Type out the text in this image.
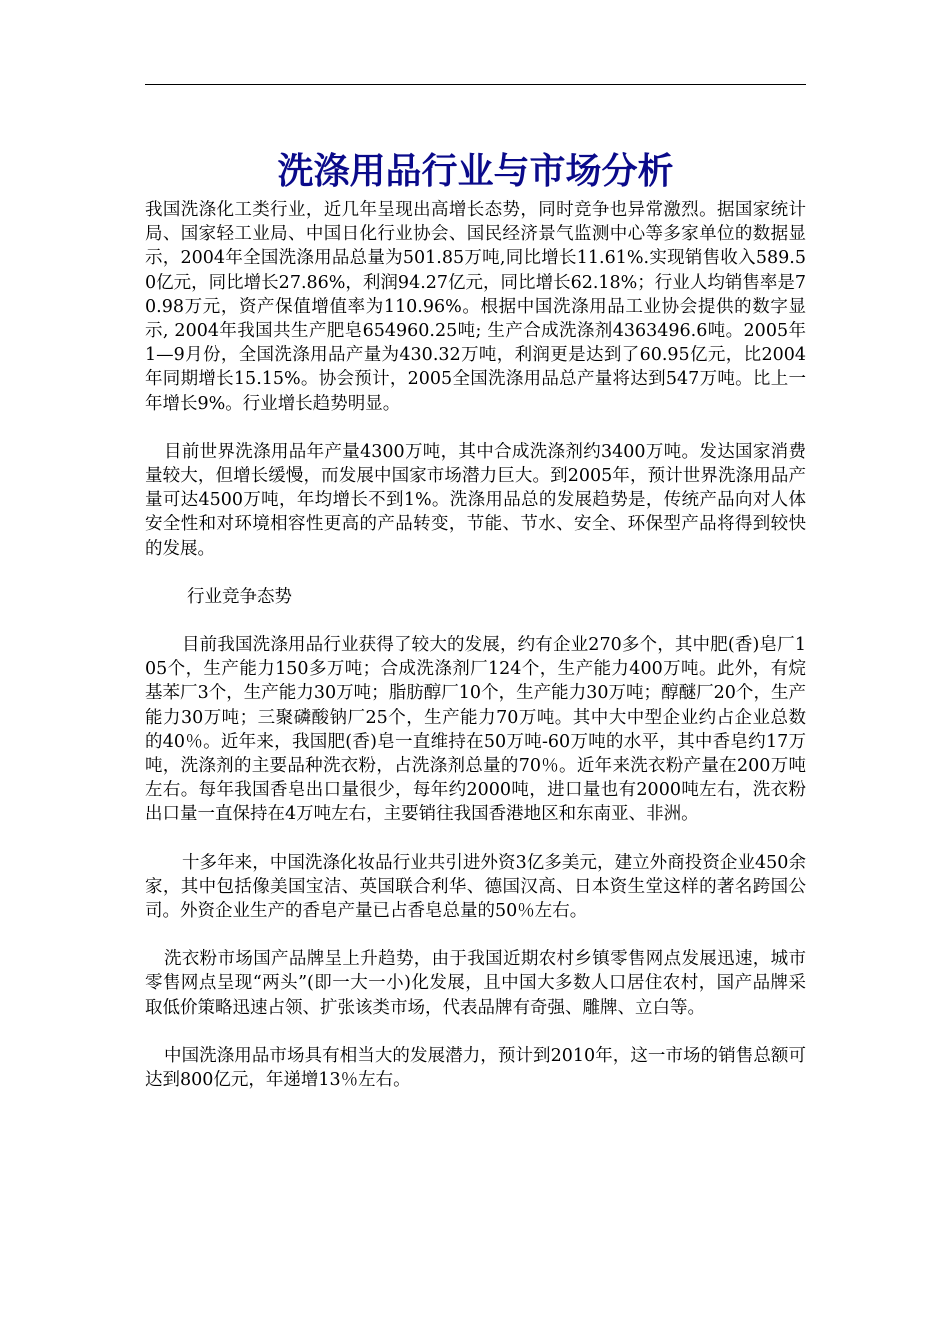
洗涤用品行业与市场分析

我国洗涤化工类行业，近几年呈现出高增长态势，同时竞争也异常激烈。据国家统计局、国家轻工业局、中国日化行业协会、国民经济景气监测中心等多家单位的数据显示，2004年全国洗涤用品总量为501.85万吨,同比增长11.61%.实现销售收入589.50亿元，同比增长27.86%，利润94.27亿元，同比增长62.18%；行业人均销售率是70.98万元，资产保值增值率为110.96%。根据中国洗涤用品工业协会提供的数字显示, 2004年我国共生产肥皂654960.25吨; 生产合成洗涤剂4363496.6吨。2005年1—9月份，全国洗涤用品产量为430.32万吨，利润更是达到了60.95亿元，比2004年同期增长15.15%。协会预计，2005全国洗涤用品总产量将达到547万吨。比上一年增长9%。行业增长趋势明显。

目前世界洗涤用品年产量4300万吨，其中合成洗涤剂约3400万吨。发达国家消费量较大，但增长缓慢，而发展中国家市场潜力巨大。到2005年，预计世界洗涤用品产量可达4500万吨，年均增长不到1%。洗涤用品总的发展趋势是，传统产品向对人体安全性和对环境相容性更高的产品转变，节能、节水、安全、环保型产品将得到较快的发展。

行业竞争态势

目前我国洗涤用品行业获得了较大的发展，约有企业270多个，其中肥(香)皂厂105个，生产能力150多万吨；合成洗涤剂厂124个，生产能力400万吨。此外，有烷基苯厂3个，生产能力30万吨；脂肪醇厂10个，生产能力30万吨；醇醚厂20个，生产能力30万吨；三聚磷酸钠厂25个，生产能力70万吨。其中大中型企业约占企业总数的40％。近年来，我国肥(香)皂一直维持在50万吨-60万吨的水平，其中香皂约17万吨，洗涤剂的主要品种洗衣粉，占洗涤剂总量的70％。近年来洗衣粉产量在200万吨左右。每年我国香皂出口量很少，每年约2000吨，进口量也有2000吨左右，洗衣粉出口量一直保持在4万吨左右，主要销往我国香港地区和东南亚、非洲。

十多年来，中国洗涤化妆品行业共引进外资3亿多美元，建立外商投资企业450余家，其中包括像美国宝洁、英国联合利华、德国汉高、日本资生堂这样的著名跨国公司。外资企业生产的香皂产量已占香皂总量的50％左右。

洗衣粉市场国产品牌呈上升趋势，由于我国近期农村乡镇零售网点发展迅速，城市零售网点呈现“两头”(即一大一小)化发展，且中国大多数人口居住农村，国产品牌采取低价策略迅速占领、扩张该类市场，代表品牌有奇强、雕牌、立白等。

中国洗涤用品市场具有相当大的发展潜力，预计到2010年，这一市场的销售总额可达到800亿元，年递增13％左右。
